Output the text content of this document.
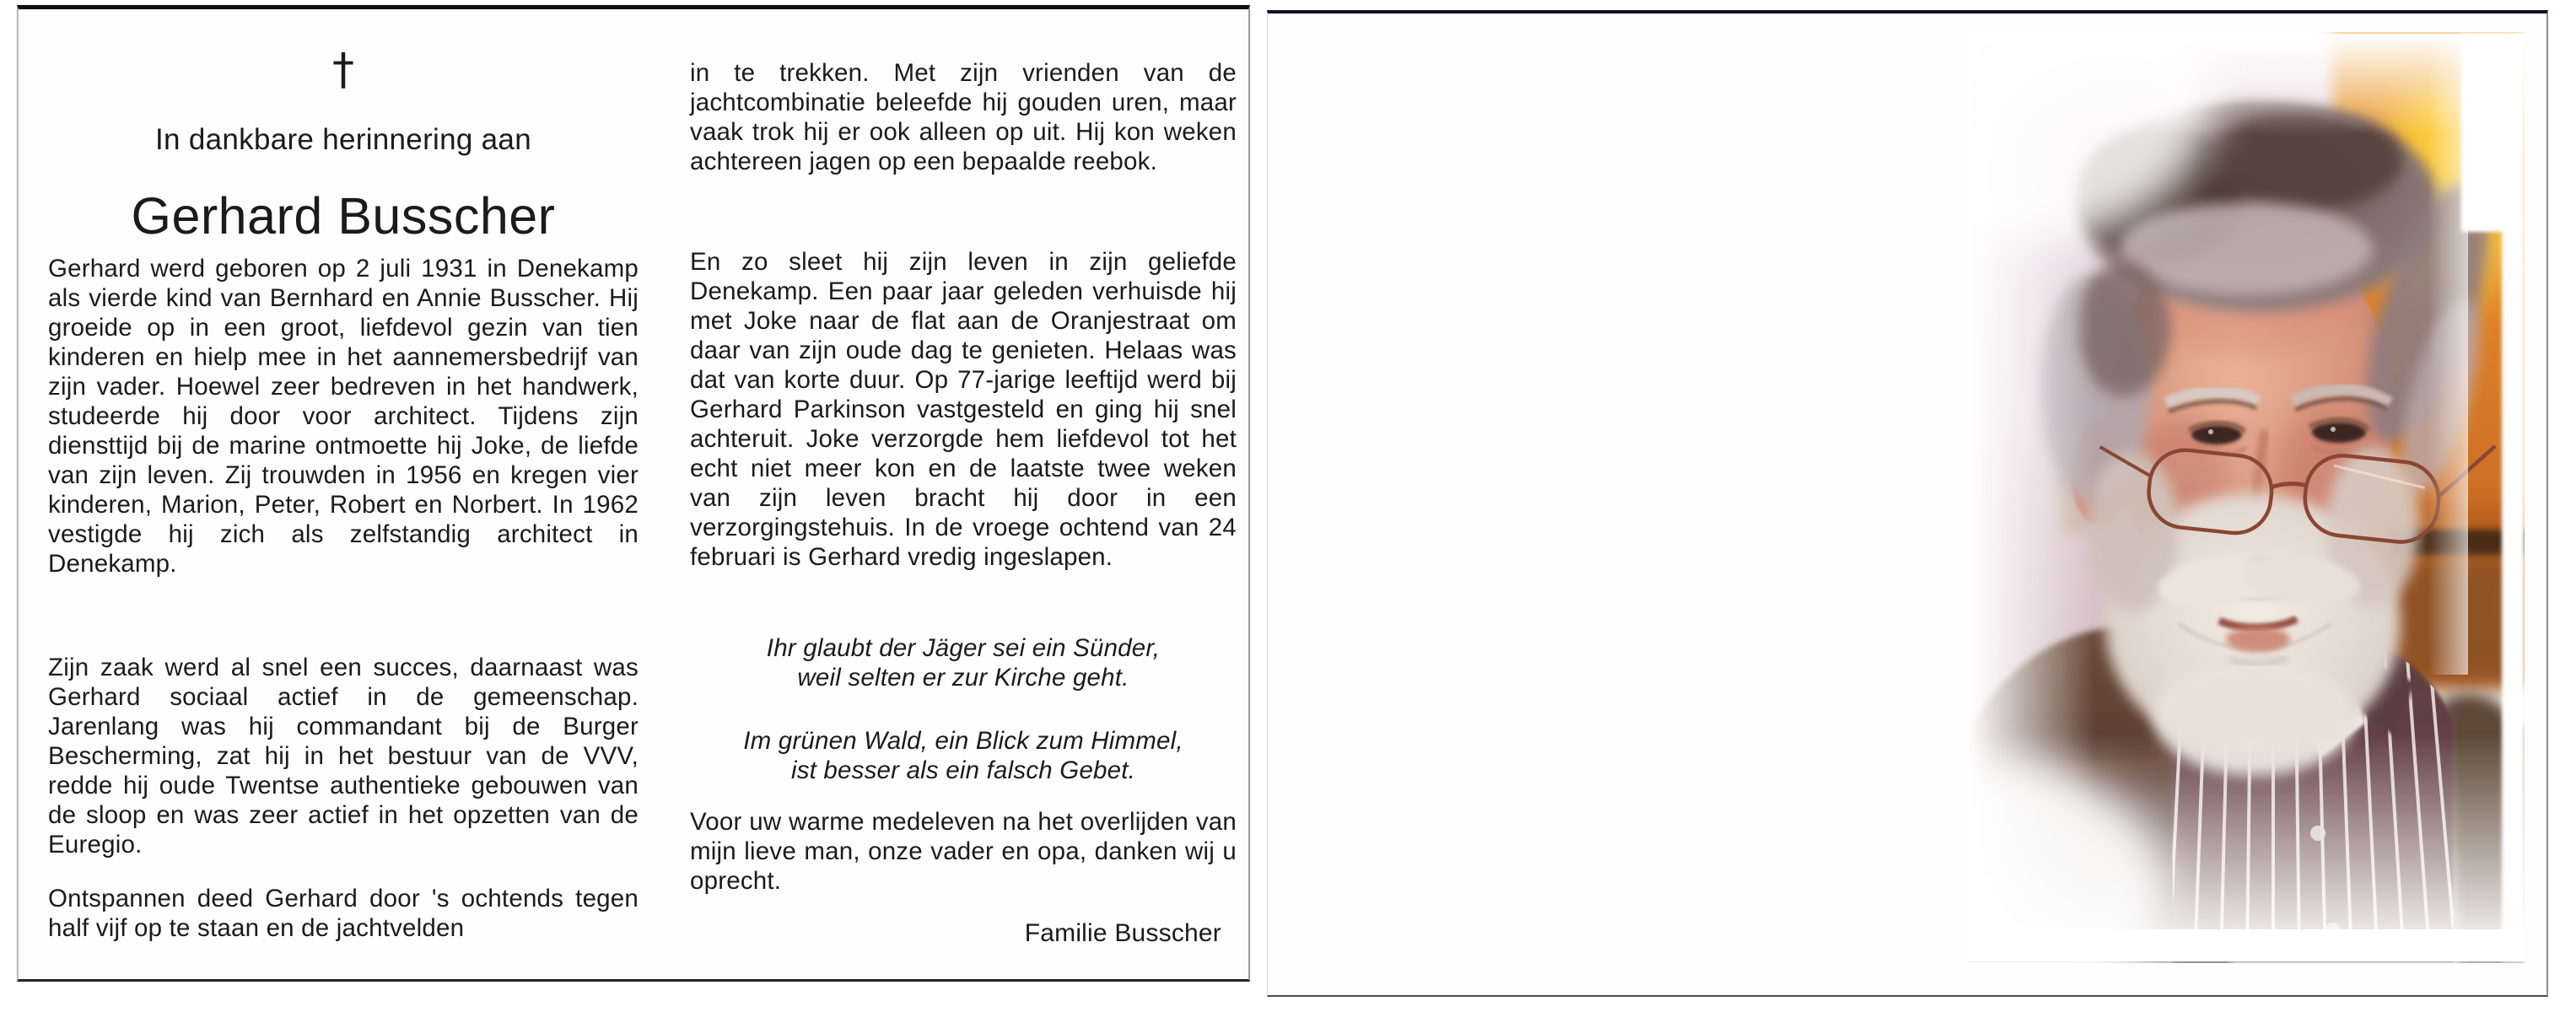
†
In dankbare herinnering aan
Gerhard Busscher

Gerhard werd geboren op 2 juli 1931 in Denekamp als vierde kind van Bernhard en Annie Busscher. Hij groeide op in een groot, liefdevol gezin van tien kinderen en hielp mee in het aannemersbedrijf van zijn vader. Hoewel zeer bedreven in het handwerk, studeerde hij door voor architect. Tijdens zijn diensttijd bij de marine ontmoette hij Joke, de liefde van zijn leven. Zij trouwden in 1956 en kregen vier kinderen, Marion, Peter, Robert en Norbert. In 1962 vestigde hij zich als zelfstandig architect in Denekamp.

Zijn zaak werd al snel een succes, daarnaast was Gerhard sociaal actief in de gemeenschap. Jarenlang was hij commandant bij de Burger Bescherming, zat hij in het bestuur van de VVV, redde hij oude Twentse authentieke gebouwen van de sloop en was zeer actief in het opzetten van de Euregio.

Ontspannen deed Gerhard door 's ochtends tegen half vijf op te staan en de jachtvelden

in te trekken. Met zijn vrienden van de jachtcombinatie beleefde hij gouden uren, maar vaak trok hij er ook alleen op uit. Hij kon weken achtereen jagen op een bepaalde reebok.

En zo sleet hij zijn leven in zijn geliefde Denekamp. Een paar jaar geleden verhuisde hij met Joke naar de flat aan de Oranjestraat om daar van zijn oude dag te genieten. Helaas was dat van korte duur. Op 77-jarige leeftijd werd bij Gerhard Parkinson vastgesteld en ging hij snel achteruit. Joke verzorgde hem liefdevol tot het echt niet meer kon en de laatste twee weken van zijn leven bracht hij door in een verzorgingstehuis. In de vroege ochtend van 24 februari is Gerhard vredig ingeslapen.

Ihr glaubt der Jäger sei ein Sünder,
weil selten er zur Kirche geht.

Im grünen Wald, ein Blick zum Himmel,
ist besser als ein falsch Gebet.

Voor uw warme medeleven na het overlijden van mijn lieve man, onze vader en opa, danken wij u oprecht.

Familie Busscher
